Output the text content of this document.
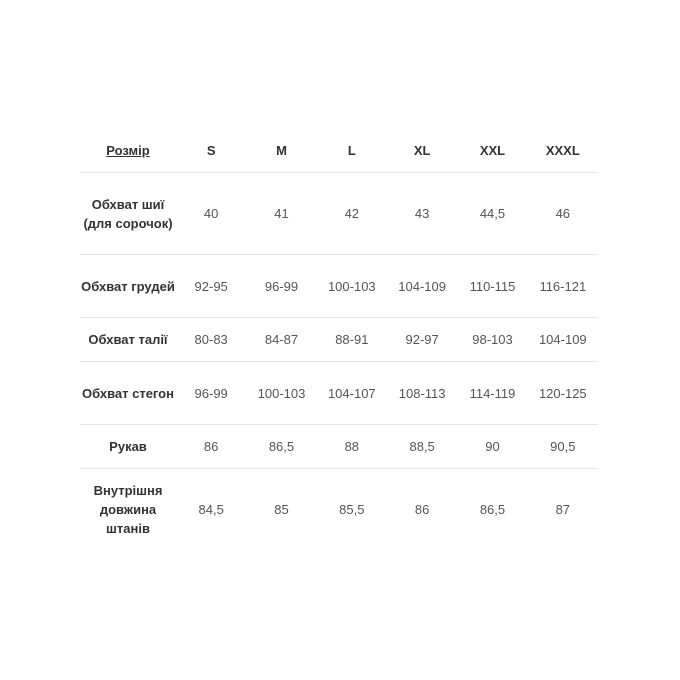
Розмір	S	M	L	XL	XXL	XXXL
Обхват шиї (для сорочок)	40	41	42	43	44,5	46
Обхват грудей	92-95	96-99	100-103	104-109	110-115	116-121
Обхват талії	80-83	84-87	88-91	92-97	98-103	104-109
Обхват стегон	96-99	100-103	104-107	108-113	114-119	120-125
Рукав	86	86,5	88	88,5	90	90,5
Внутрішня довжина штанів	84,5	85	85,5	86	86,5	87
